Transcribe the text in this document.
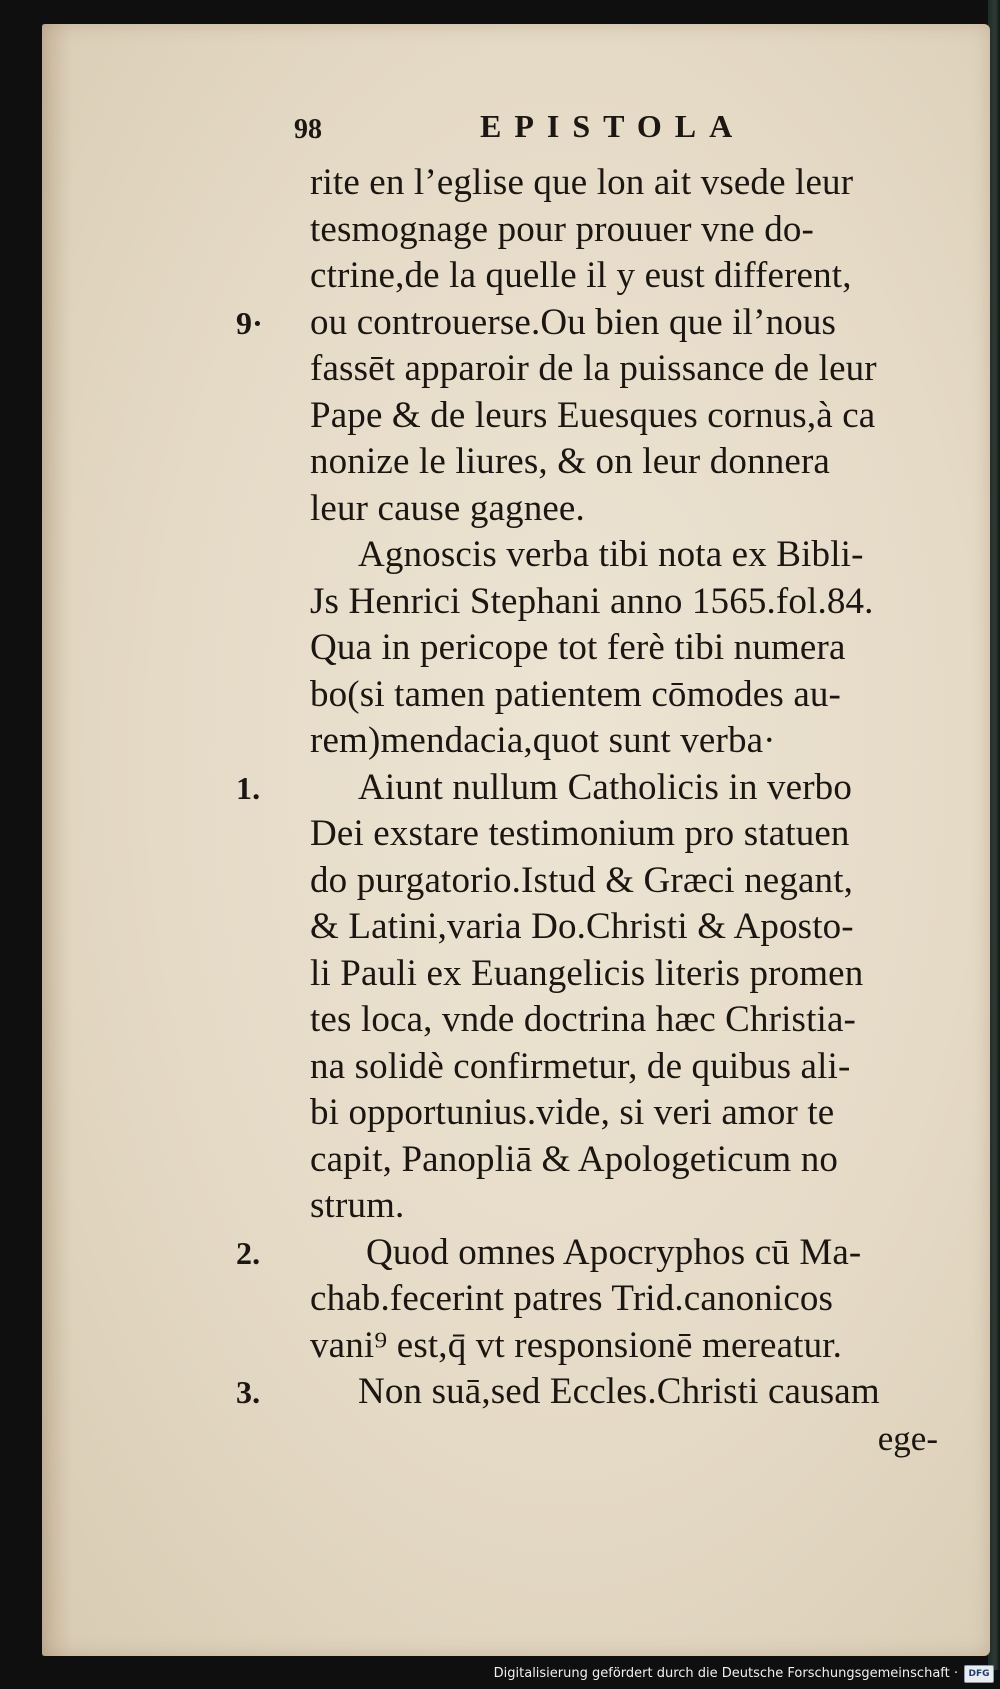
98	EPISTOLA
rite en l’eglise que lon ait vsede leur
tesmognage pour prouuer vne do-
ctrine,de la quelle il y eust different,
9· ou controuerse.Ou bien que il’nous
fassēt apparoir de la puissance de leur
Pape & de leurs Euesques cornus,à ca
nonize le liures, & on leur donnera
leur cause gagnee.
Agnoscis verba tibi nota ex Bibli-
Js Henrici Stephani anno 1565.fol.84.
Qua in pericope tot ferè tibi numera
bo(si tamen patientem cōmodes au-
rem)mendacia,quot sunt verba·
1.	Aiunt nullum Catholicis in verbo
Dei exstare testimonium pro statuen
do purgatorio.Istud & Græci negant,
& Latini,varia Do.Christi & Aposto-
li Pauli ex Euangelicis literis promen
tes loca, vnde doctrina hæc Christia-
na solidè confirmetur, de quibus ali-
bi opportunius.vide, si veri amor te
capit, Panopliā & Apologeticum no
strum.
2.	Quod omnes Apocryphos cū Ma-
chab.fecerint patres Trid.canonicos
vani⁹ est,q̄ vt responsionē mereatur.
3.	Non suā,sed Eccles.Christi causam
ege-
Digitalisierung gefördert durch die Deutsche Forschungsgemeinschaft ·	DFG
